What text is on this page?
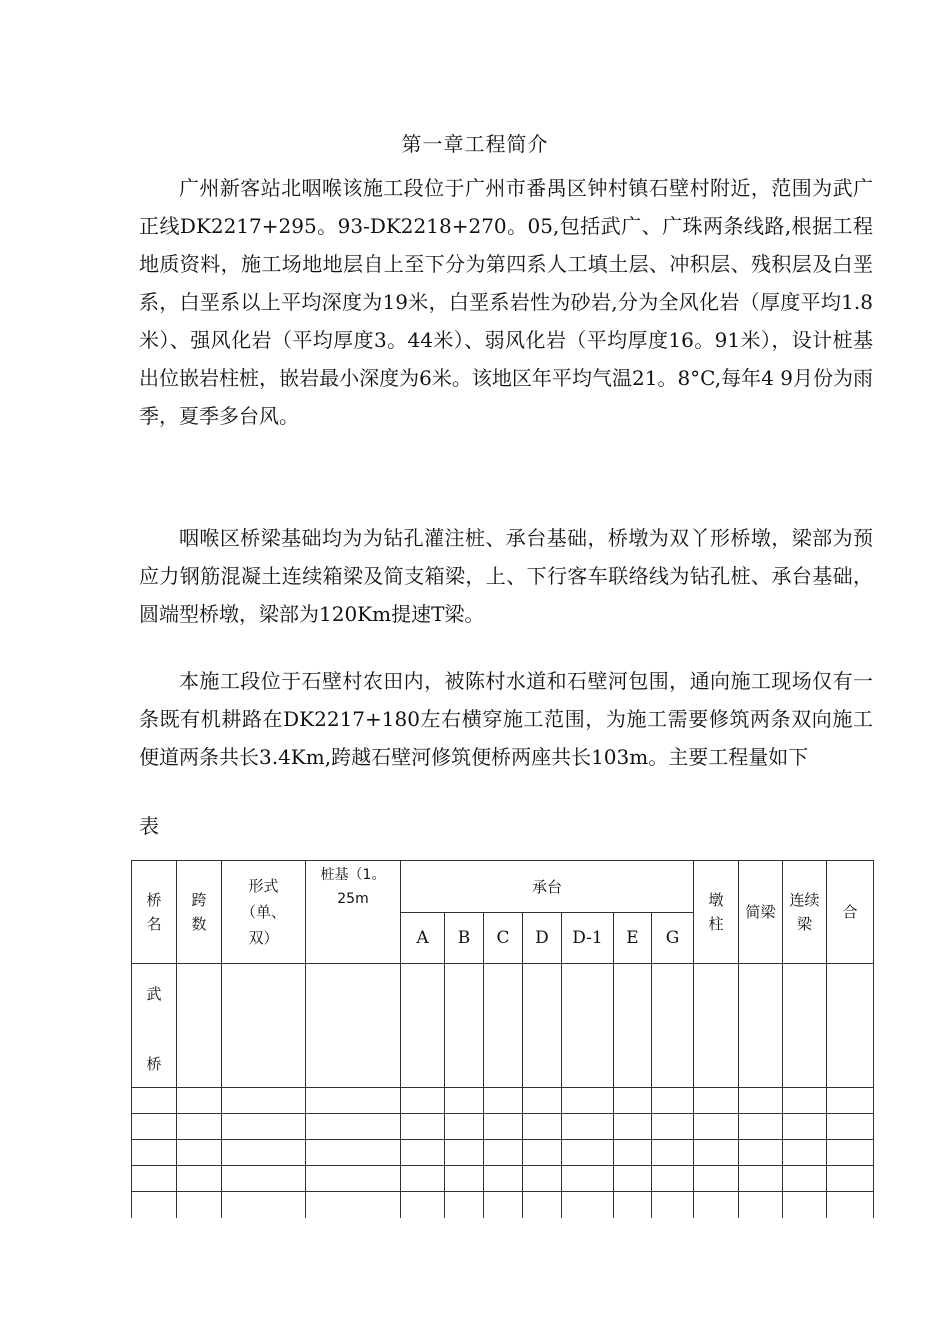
第一章工程简介

广州新客站北咽喉该施工段位于广州市番禺区钟村镇石壁村附近，范围为武广正线DK2217+295。93-DK2218+270。05,包括武广、广珠两条线路,根据工程地质资料，施工场地地层自上至下分为第四系人工填土层、冲积层、残积层及白垩系，白垩系以上平均深度为19米，白垩系岩性为砂岩,分为全风化岩（厚度平均1.8米）、强风化岩（平均厚度3。44米）、弱风化岩（平均厚度16。91米），设计桩基出位嵌岩柱桩，嵌岩最小深度为6米。该地区年平均气温21。8°C,每年4 9月份为雨季，夏季多台风。

咽喉区桥梁基础均为为钻孔灌注桩、承台基础，桥墩为双丫形桥墩，梁部为预应力钢筋混凝土连续箱梁及简支箱梁，上、下行客车联络线为钻孔桩、承台基础，圆端型桥墩，梁部为120Km提速T梁。

本施工段位于石壁村农田内，被陈村水道和石壁河包围，通向施工现场仅有一条既有机耕路在DK2217+180左右横穿施工范围，为施工需要修筑两条双向施工便道两条共长3.4Km,跨越石壁河修筑便桥两座共长103m。主要工程量如下

表
桥名	跨数	形式（单、双）	桩基（1。25m	承台							墩柱	简梁	连续梁	合
				A	B	C	D	D-1	E	G				

武
桥														
